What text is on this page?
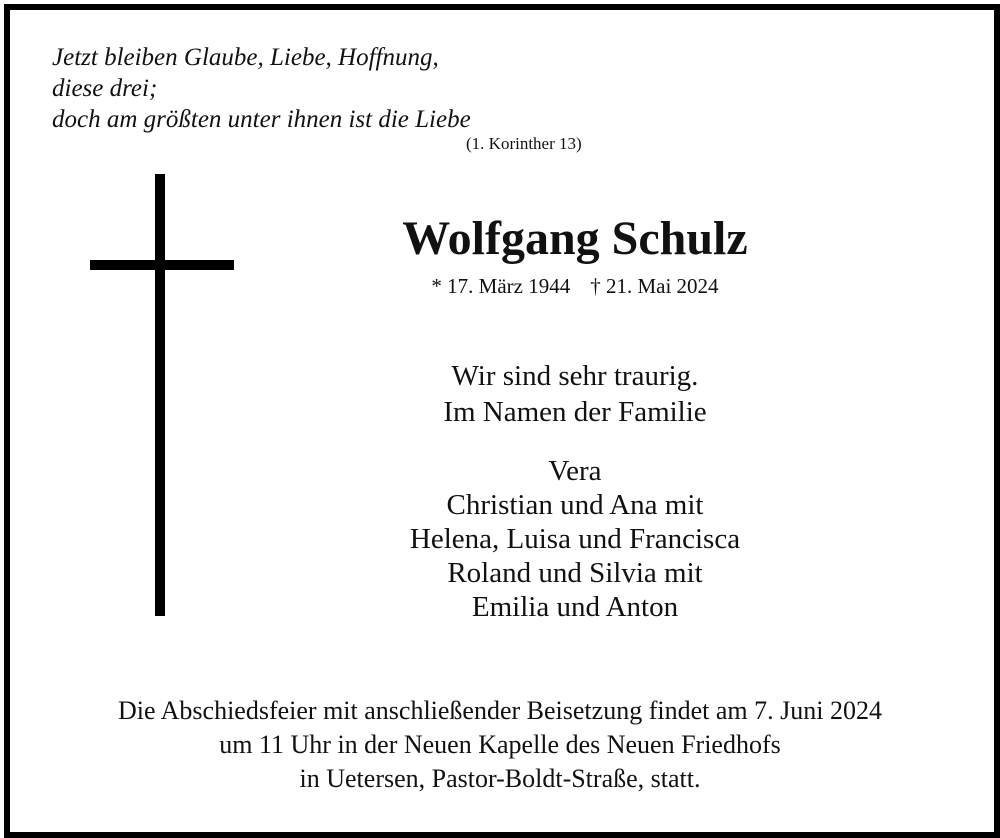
Jetzt bleiben Glaube, Liebe, Hoffnung,
diese drei;
doch am größten unter ihnen ist die Liebe
(1. Korinther 13)
Wolfgang Schulz
* 17. März 1944 † 21. Mai 2024
Wir sind sehr traurig.
Im Namen der Familie
Vera
Christian und Ana mit
Helena, Luisa und Francisca
Roland und Silvia mit
Emilia und Anton
Die Abschiedsfeier mit anschließender Beisetzung findet am 7. Juni 2024
um 11 Uhr in der Neuen Kapelle des Neuen Friedhofs
in Uetersen, Pastor-Boldt-Straße, statt.
